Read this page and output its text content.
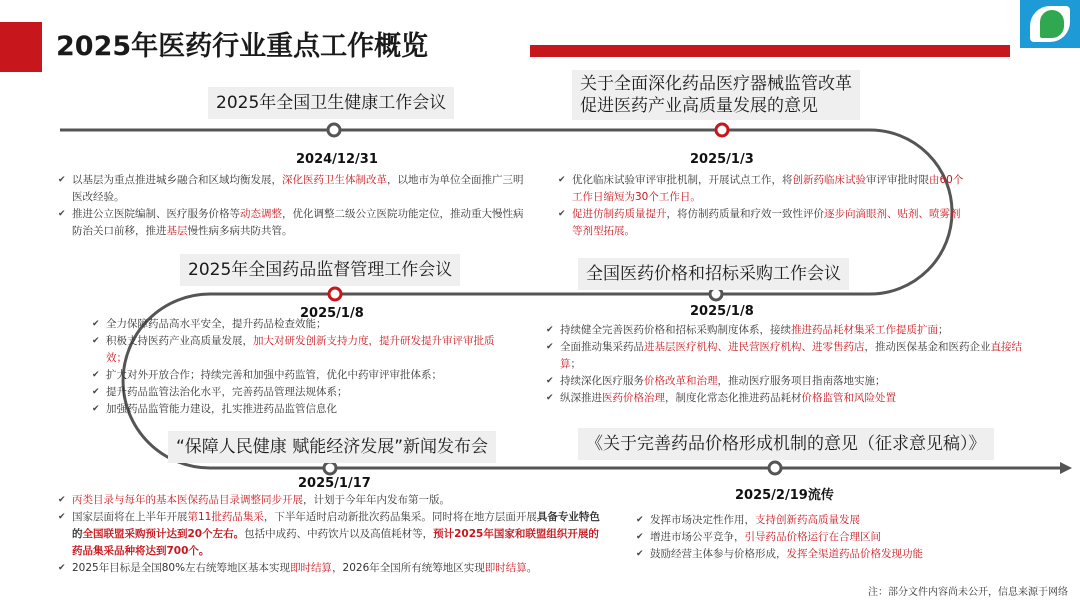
2025年医药行业重点工作概览
2025年全国卫生健康工作会议
2024/12/31
✔ 以基层为重点推进城乡融合和区域均衡发展，深化医药卫生体制改革，以地市为单位全面推广三明医改经验。
✔ 推进公立医院编制、医疗服务价格等动态调整，优化调整二级公立医院功能定位，推动重大慢性病防治关口前移，推进基层慢性病多病共防共管。
关于全面深化药品医疗器械监管改革
促进医药产业高质量发展的意见
2025/1/3
✔ 优化临床试验审评审批机制，开展试点工作，将创新药临床试验审评审批时限由60个工作日缩短为30个工作日。
✔ 促进仿制药质量提升，将仿制药质量和疗效一致性评价逐步向滴眼剂、贴剂、喷雾剂等剂型拓展。
2025年全国药品监督管理工作会议
2025/1/8
✔ 全力保障药品高水平安全，提升药品检查效能；
✔ 积极支持医药产业高质量发展，加大对研发创新支持力度，提升研发提升审评审批质效；
✔ 扩大对外开放合作；持续完善和加强中药监管，优化中药审评审批体系；
✔ 提升药品监管法治化水平，完善药品管理法规体系；
✔ 加强药品监管能力建设，扎实推进药品监管信息化
全国医药价格和招标采购工作会议
2025/1/8
✔ 持续健全完善医药价格和招标采购制度体系，接续推进药品耗材集采工作提质扩面；
✔ 全面推动集采药品进基层医疗机构、进民营医疗机构、进零售药店，推动医保基金和医药企业直接结算；
✔ 持续深化医疗服务价格改革和治理，推动医疗服务项目指南落地实施；
✔ 纵深推进医药价格治理，制度化常态化推进药品耗材价格监管和风险处置
“保障人民健康 赋能经济发展”新闻发布会
2025/1/17
✔ 丙类目录与每年的基本医保药品目录调整同步开展，计划于今年年内发布第一版。
✔ 国家层面将在上半年开展第11批药品集采，下半年适时启动新批次药品集采。同时将在地方层面开展具备专业特色的全国联盟采购预计达到20个左右。包括中成药、中药饮片以及高值耗材等，预计2025年国家和联盟组织开展的药品集采品种将达到700个。
✔ 2025年目标是全国80%左右统筹地区基本实现即时结算，2026年全国所有统筹地区实现即时结算。
《关于完善药品价格形成机制的意见（征求意见稿）》
2025/2/19流传
✔ 发挥市场决定性作用，支持创新药高质量发展
✔ 增进市场公平竞争，引导药品价格运行在合理区间
✔ 鼓励经营主体参与价格形成，发挥全渠道药品价格发现功能
注：部分文件内容尚未公开，信息来源于网络
